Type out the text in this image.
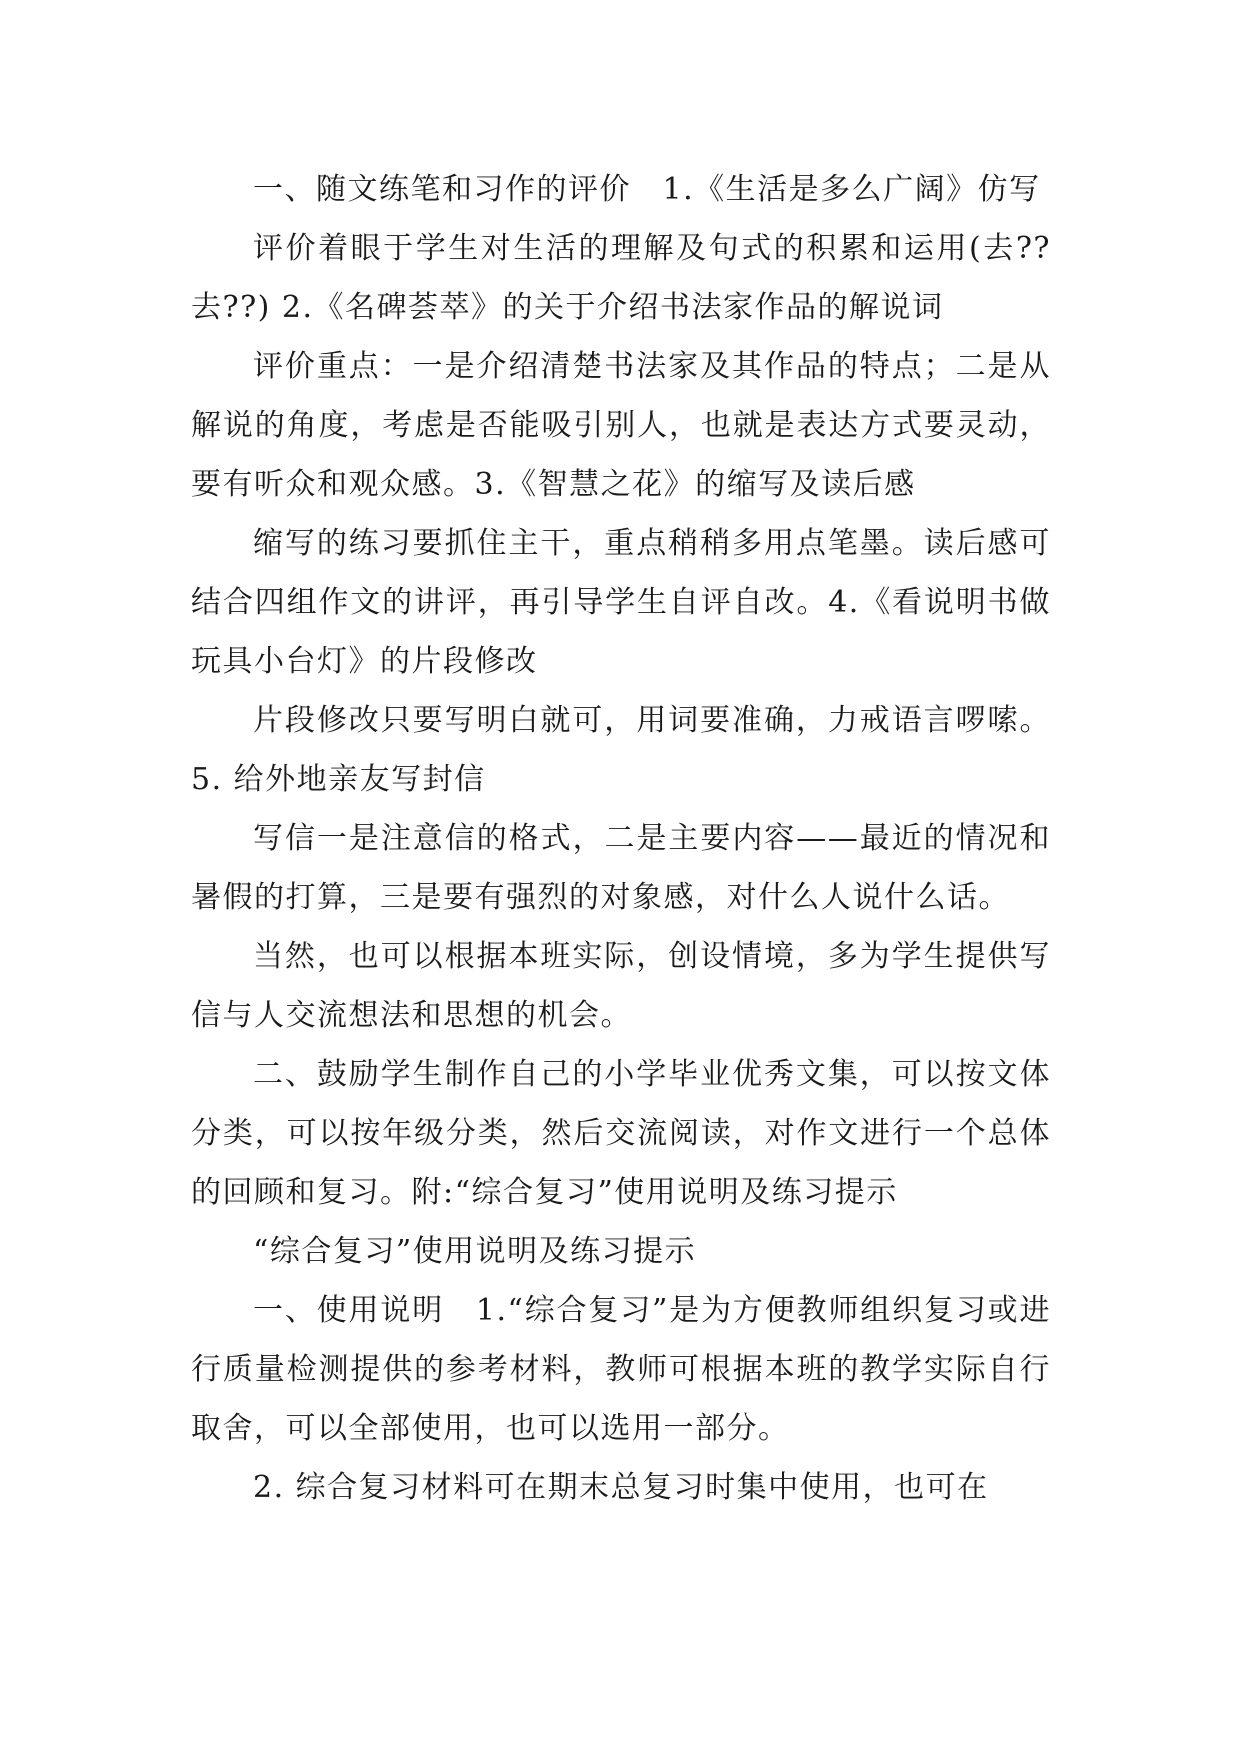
一、随文练笔和习作的评价　1.《生活是多么广阔》仿写

评价着眼于学生对生活的理解及句式的积累和运用(去??去??) 2.《名碑荟萃》的关于介绍书法家作品的解说词

评价重点：一是介绍清楚书法家及其作品的特点；二是从解说的角度，考虑是否能吸引别人，也就是表达方式要灵动，要有听众和观众感。3.《智慧之花》的缩写及读后感

缩写的练习要抓住主干，重点稍稍多用点笔墨。读后感可结合四组作文的讲评，再引导学生自评自改。4.《看说明书做玩具小台灯》的片段修改

片段修改只要写明白就可，用词要准确，力戒语言啰嗦。5. 给外地亲友写封信

写信一是注意信的格式，二是主要内容——最近的情况和暑假的打算，三是要有强烈的对象感，对什么人说什么话。

当然，也可以根据本班实际，创设情境，多为学生提供写信与人交流想法和思想的机会。

二、鼓励学生制作自己的小学毕业优秀文集，可以按文体分类，可以按年级分类，然后交流阅读，对作文进行一个总体的回顾和复习。附:“综合复习”使用说明及练习提示

“综合复习”使用说明及练习提示

一、使用说明　1.“综合复习”是为方便教师组织复习或进行质量检测提供的参考材料，教师可根据本班的教学实际自行取舍，可以全部使用，也可以选用一部分。

2. 综合复习材料可在期末总复习时集中使用，也可在
